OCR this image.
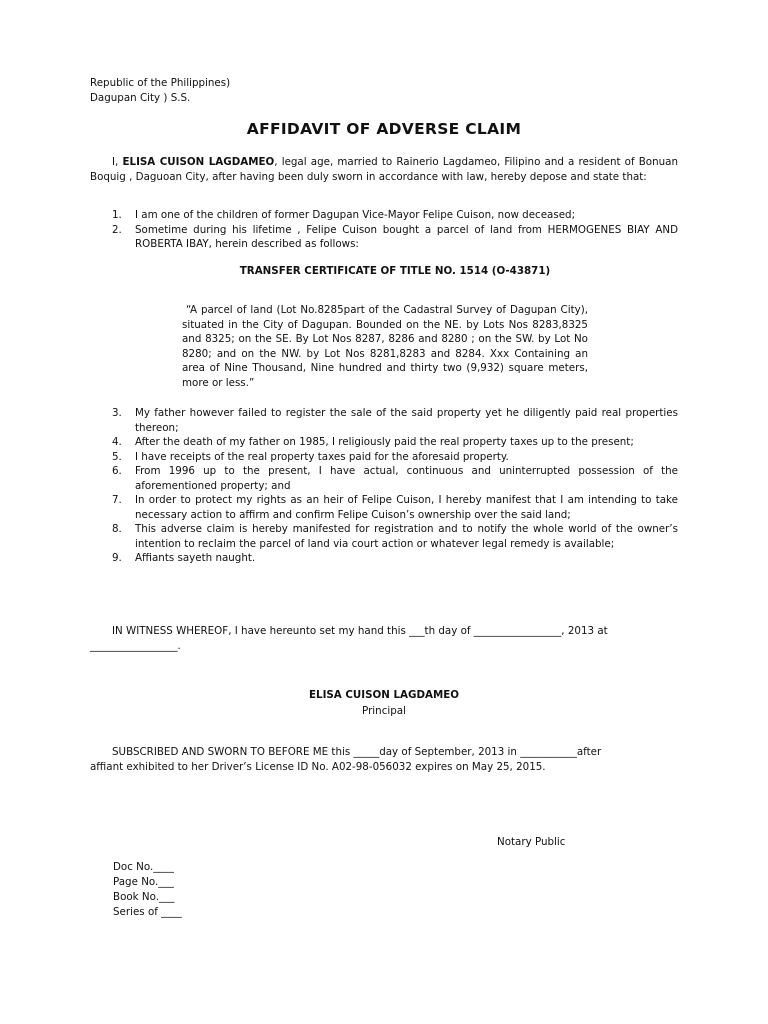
Republic of the Philippines)
Dagupan City ) S.S.
AFFIDAVIT OF ADVERSE CLAIM
I, ELISA CUISON LAGDAMEO, legal age, married to Rainerio Lagdameo, Filipino and a resident of Bonuan Boquig , Daguoan City, after having been duly sworn in accordance with law, hereby depose and state that:
1. I am one of the children of former Dagupan Vice-Mayor Felipe Cuison, now deceased;
2. Sometime during his lifetime , Felipe Cuison bought a parcel of land from HERMOGENES BIAY AND ROBERTA IBAY, herein described as follows:
TRANSFER CERTIFICATE OF TITLE NO. 1514 (O-43871)
“A parcel of land (Lot No.8285part of the Cadastral Survey of Dagupan City), situated in the City of Dagupan. Bounded on the NE. by Lots Nos 8283,8325 and 8325; on the SE. By Lot Nos 8287, 8286 and 8280 ; on the SW. by Lot No 8280; and on the NW. by Lot Nos 8281,8283 and 8284. Xxx Containing an area of Nine Thousand, Nine hundred and thirty two (9,932) square meters, more or less.”
3. My father however failed to register the sale of the said property yet he diligently paid real properties thereon;
4. After the death of my father on 1985, I religiously paid the real property taxes up to the present;
5. I have receipts of the real property taxes paid for the aforesaid property.
6. From 1996 up to the present, I have actual, continuous and uninterrupted possession of the aforementioned property; and
7. In order to protect my rights as an heir of Felipe Cuison, I hereby manifest that I am intending to take necessary action to affirm and confirm Felipe Cuison’s ownership over the said land;
8. This adverse claim is hereby manifested for registration and to notify the whole world of the owner’s intention to reclaim the parcel of land via court action or whatever legal remedy is available;
9. Affiants sayeth naught.
IN WITNESS WHEREOF, I have hereunto set my hand this ___th day of _________________, 2013 at
_________________.
ELISA CUISON LAGDAMEO
Principal
SUBSCRIBED AND SWORN TO BEFORE ME this _____day of September, 2013 in ___________after
affiant exhibited to her Driver’s License ID No. A02-98-056032 expires on May 25, 2015.
Notary Public
Doc No.____
Page No.___
Book No.___
Series of ____
